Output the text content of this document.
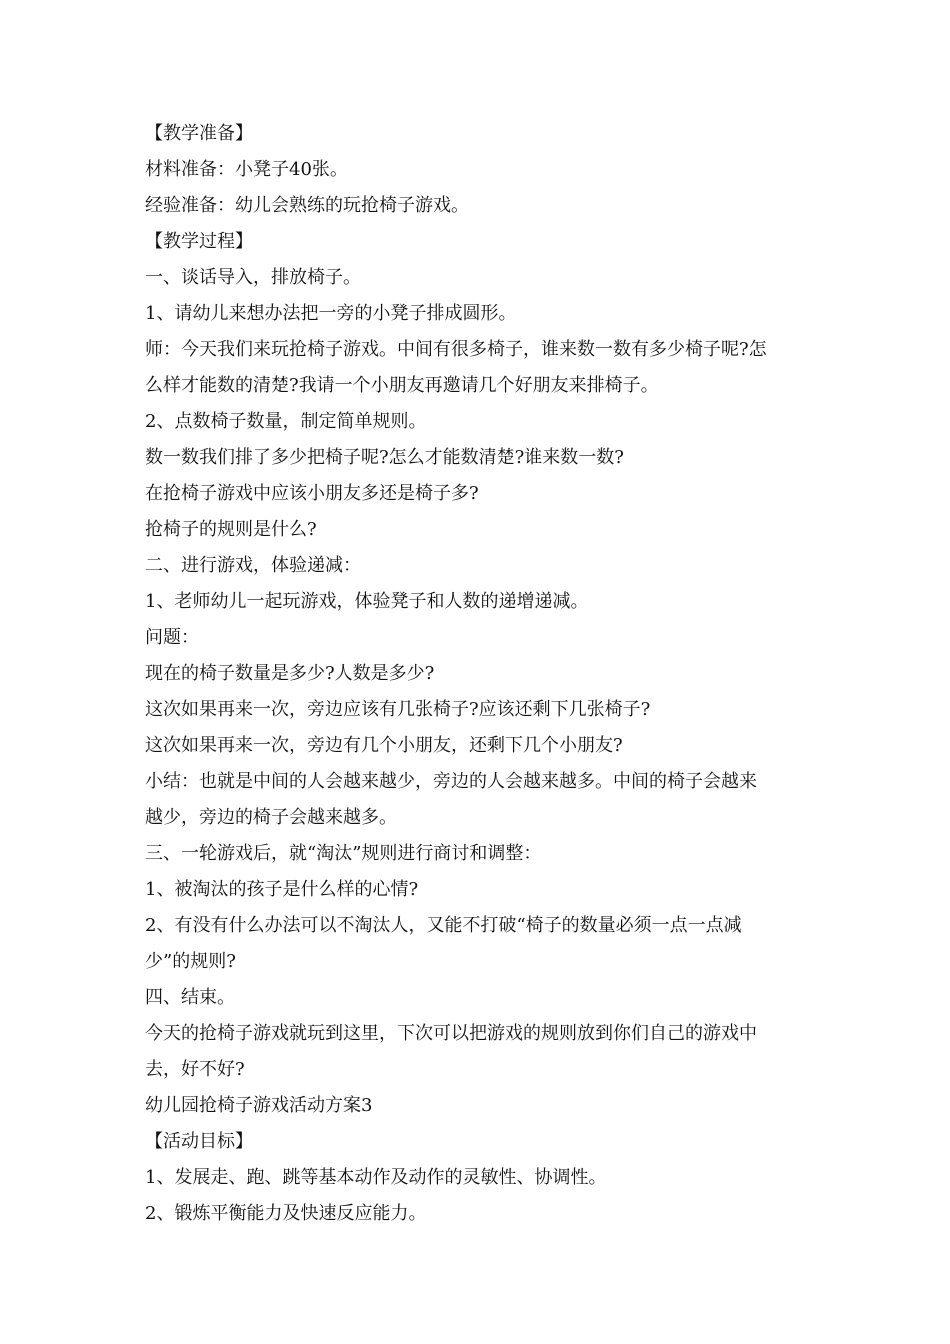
【教学准备】

材料准备：小凳子40张。

经验准备：幼儿会熟练的玩抢椅子游戏。

【教学过程】

一、谈话导入，排放椅子。

1、请幼儿来想办法把一旁的小凳子排成圆形。

师：今天我们来玩抢椅子游戏。中间有很多椅子，谁来数一数有多少椅子呢?怎

么样才能数的清楚?我请一个小朋友再邀请几个好朋友来排椅子。

2、点数椅子数量，制定简单规则。

数一数我们排了多少把椅子呢?怎么才能数清楚?谁来数一数?

在抢椅子游戏中应该小朋友多还是椅子多?

抢椅子的规则是什么?

二、进行游戏，体验递减：

1、老师幼儿一起玩游戏，体验凳子和人数的递增递减。

问题：

现在的椅子数量是多少?人数是多少?

这次如果再来一次，旁边应该有几张椅子?应该还剩下几张椅子?

这次如果再来一次，旁边有几个小朋友，还剩下几个小朋友?

小结：也就是中间的人会越来越少，旁边的人会越来越多。中间的椅子会越来

越少，旁边的椅子会越来越多。

三、一轮游戏后，就“淘汰”规则进行商讨和调整：

1、被淘汰的孩子是什么样的心情?

2、有没有什么办法可以不淘汰人，又能不打破“椅子的数量必须一点一点减

少”的规则?

四、结束。

今天的抢椅子游戏就玩到这里，下次可以把游戏的规则放到你们自己的游戏中

去，好不好?

幼儿园抢椅子游戏活动方案3

【活动目标】

1、发展走、跑、跳等基本动作及动作的灵敏性、协调性。

2、锻炼平衡能力及快速反应能力。
